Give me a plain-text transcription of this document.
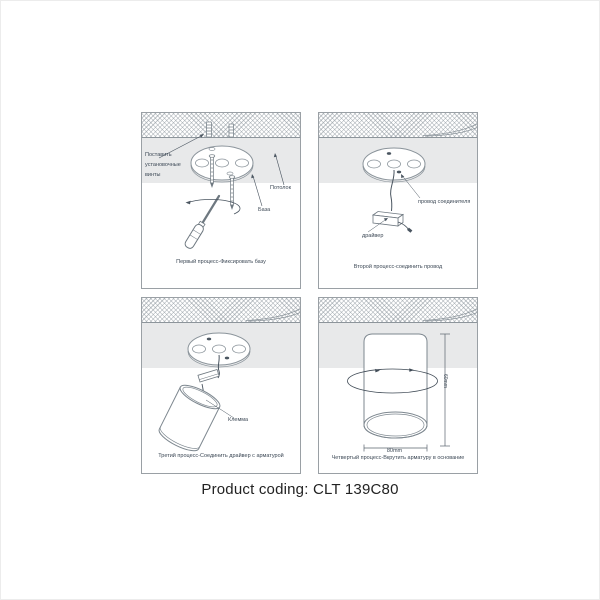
Поставить
установочные
винты
Потолок
База
Первый процесс-Фиксировать базу
провод соединителя
драйвер
Второй процесс-соединить провод
Клемма
Третий процесс-Соединить драйвер с арматурой
60mm
80mm
Четвертый процесс-Вкрутить арматуру в основание
Product coding: CLT 139C80
